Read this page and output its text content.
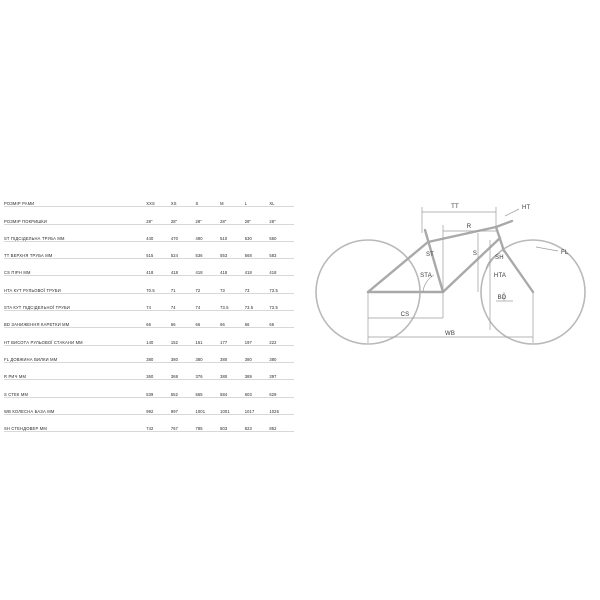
РОЗМІР РАМИ	XXS	XS	S	M	L	XL
РОЗМІР ПОКРИШКИ	28"	28"	28"	28"	28"	28"
ST ПІДСІДЕЛЬНА ТРУБА ММ	440	470	490	510	530	560
TT ВЕРХНЯ ТРУБА ММ	515	524	536	553	568	583
CS ПІРΗ ММ	418	418	418	418	418	418
HTA КУТ РУЛЬОВОЇ ТРУБИ	70.5	71	72	73	73	73.5
STA КУТ ПІДСІДЕЛЬНОЇ ТРУБИ	74	74	74	73.5	73.5	73.5
BD ЗАНИЖЕННЯ КАРЕТКИ ММ	66	66	66	66	66	66
HT ВИСОТА РУЛЬОВОЇ СТАКАНИ ММ	140	152	161	177	197	222
FL ДОВЖИНА ВИЛКИ ММ	380	380	380	380	380	380
R РИЧ ММ	360	368	376	380	389	397
S СТЕК ММ	539	552	565	584	603	629
WB КОЛЕСНА БАЗА ММ	992	997	1001	1001	1017	1026
SH СТЕНДОВЕР ММ	742	767	785	803	823	852
TT
R
HT
ST	S
SH
FL
STA	HTA
BD
CS
WB
